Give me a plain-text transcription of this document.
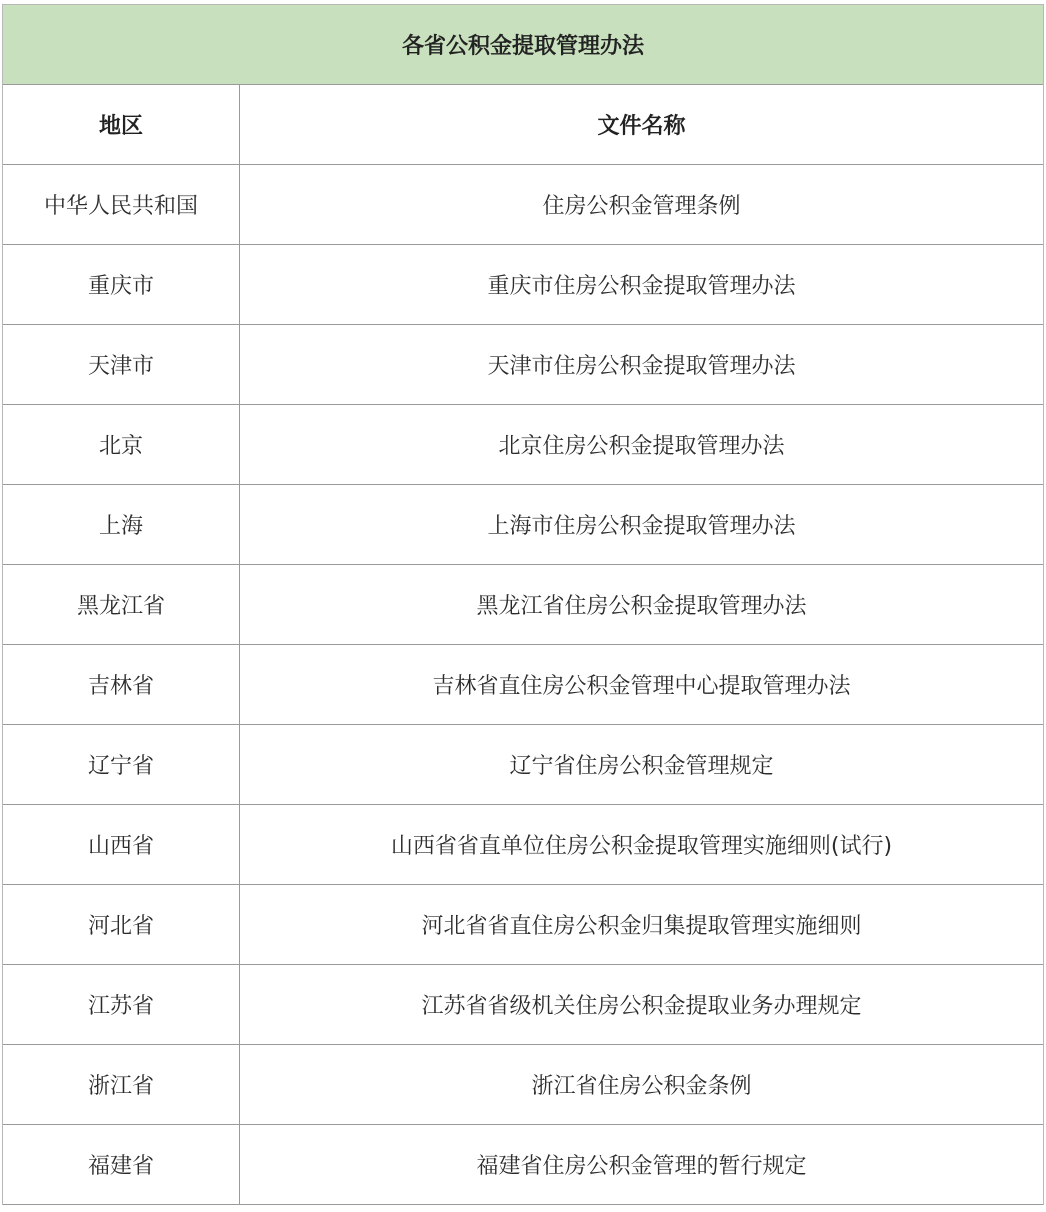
各省公积金提取管理办法
地区	文件名称
中华人民共和国	住房公积金管理条例
重庆市	重庆市住房公积金提取管理办法
天津市	天津市住房公积金提取管理办法
北京	北京住房公积金提取管理办法
上海	上海市住房公积金提取管理办法
黑龙江省	黑龙江省住房公积金提取管理办法
吉林省	吉林省直住房公积金管理中心提取管理办法
辽宁省	辽宁省住房公积金管理规定
山西省	山西省省直单位住房公积金提取管理实施细则(试行)
河北省	河北省省直住房公积金归集提取管理实施细则
江苏省	江苏省省级机关住房公积金提取业务办理规定
浙江省	浙江省住房公积金条例
福建省	福建省住房公积金管理的暂行规定
